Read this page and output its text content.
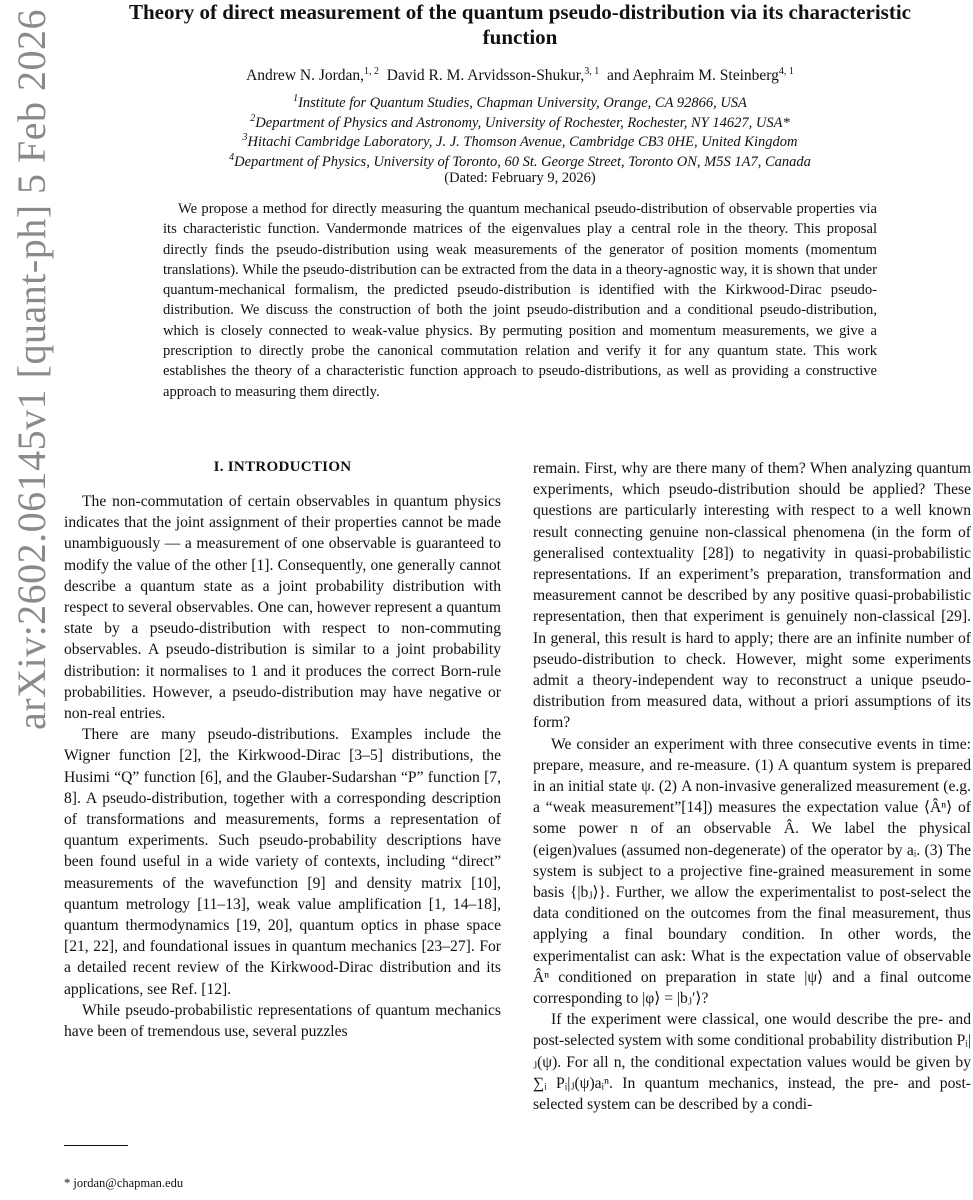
arXiv:2602.06145v1 [quant-ph] 5 Feb 2026	Theory of direct measurement of the quantum pseudo-distribution via its characteristic function
Andrew N. Jordan,$^{1, 2}$ David R. M. Arvidsson-Shukur,$^{3, 1}$ and Aephraim M. Steinberg$^{4, 1}$
$^1$Institute for Quantum Studies, Chapman University, Orange, CA 92866, USA
$^2$Department of Physics and Astronomy, University of Rochester, Rochester, NY 14627, USA*
$^3$Hitachi Cambridge Laboratory, J. J. Thomson Avenue, Cambridge CB3 0HE, United Kingdom
$^4$Department of Physics, University of Toronto, 60 St. George Street, Toronto ON, M5S 1A7, Canada
(Dated: February 9, 2026)

We propose a method for directly measuring the quantum mechanical pseudo-distribution of observable properties via its characteristic function. Vandermonde matrices of the eigenvalues play a central role in the theory. This proposal directly finds the pseudo-distribution using weak measurements of the generator of position moments (momentum translations). While the pseudo-distribution can be extracted from the data in a theory-agnostic way, it is shown that under quantum-mechanical formalism, the predicted pseudo-distribution is identified with the Kirkwood-Dirac pseudo-distribution. We discuss the construction of both the joint pseudo-distribution and a conditional pseudo-distribution, which is closely connected to weak-value physics. By permuting position and momentum measurements, we give a prescription to directly probe the canonical commutation relation and verify it for any quantum state. This work establishes the theory of a characteristic function approach to pseudo-distributions, as well as providing a constructive approach to measuring them directly.

I. INTRODUCTION

The non-commutation of certain observables in quantum physics indicates that the joint assignment of their properties cannot be made unambiguously — a measurement of one observable is guaranteed to modify the value of the other [1]. Consequently, one generally cannot describe a quantum state as a joint probability distribution with respect to several observables. One can, however represent a quantum state by a pseudo-distribution with respect to non-commuting observables. A pseudo-distribution is similar to a joint probability distribution: it normalises to 1 and it produces the correct Born-rule probabilities. However, a pseudo-distribution may have negative or non-real entries.

There are many pseudo-distributions. Examples include the Wigner function [2], the Kirkwood-Dirac [3–5] distributions, the Husimi “Q” function [6], and the Glauber-Sudarshan “P” function [7, 8]. A pseudo-distribution, together with a corresponding description of transformations and measurements, forms a representation of quantum experiments. Such pseudo-probability descriptions have been found useful in a wide variety of contexts, including “direct” measurements of the wavefunction [9] and density matrix [10], quantum metrology [11–13], weak value amplification [1, 14–18], quantum thermodynamics [19, 20], quantum optics in phase space [21, 22], and foundational issues in quantum mechanics [23–27]. For a detailed recent review of the Kirkwood-Dirac distribution and its applications, see Ref. [12].

While pseudo-probabilistic representations of quantum mechanics have been of tremendous use, several puzzles

remain. First, why are there many of them? When analyzing quantum experiments, which pseudo-distribution should be applied? These questions are particularly interesting with respect to a well known result connecting genuine non-classical phenomena (in the form of generalised contextuality [28]) to negativity in quasi-probabilistic representations. If an experiment’s preparation, transformation and measurement cannot be described by any positive quasi-probabilistic representation, then that experiment is genuinely non-classical [29]. In general, this result is hard to apply; there are an infinite number of pseudo-distribution to check. However, might some experiments admit a theory-independent way to reconstruct a unique pseudo-distribution from measured data, without a priori assumptions of its form?

We consider an experiment with three consecutive events in time: prepare, measure, and re-measure. (1) A quantum system is prepared in an initial state ψ. (2) A non-invasive generalized measurement (e.g. a “weak measurement”[14]) measures the expectation value ⟨Âⁿ⟩ of some power n of an observable Â. We label the physical (eigen)values (assumed non-degenerate) of the operator by aᵢ. (3) The system is subject to a projective fine-grained measurement in some basis {|bⱼ⟩}. Further, we allow the experimentalist to post-select the data conditioned on the outcomes from the final measurement, thus applying a final boundary condition. In other words, the experimentalist can ask: What is the expectation value of observable Âⁿ conditioned on preparation in state |ψ⟩ and a final outcome corresponding to |φ⟩ = |bⱼ′⟩?

If the experiment were classical, one would describe the pre- and post-selected system with some conditional probability distribution Pᵢ|ⱼ(ψ). For all n, the conditional expectation values would be given by ∑ᵢ Pᵢ|ⱼ(ψ)aᵢⁿ. In quantum mechanics, instead, the pre- and post-selected system can be described by a condi-

* jordan@chapman.edu
